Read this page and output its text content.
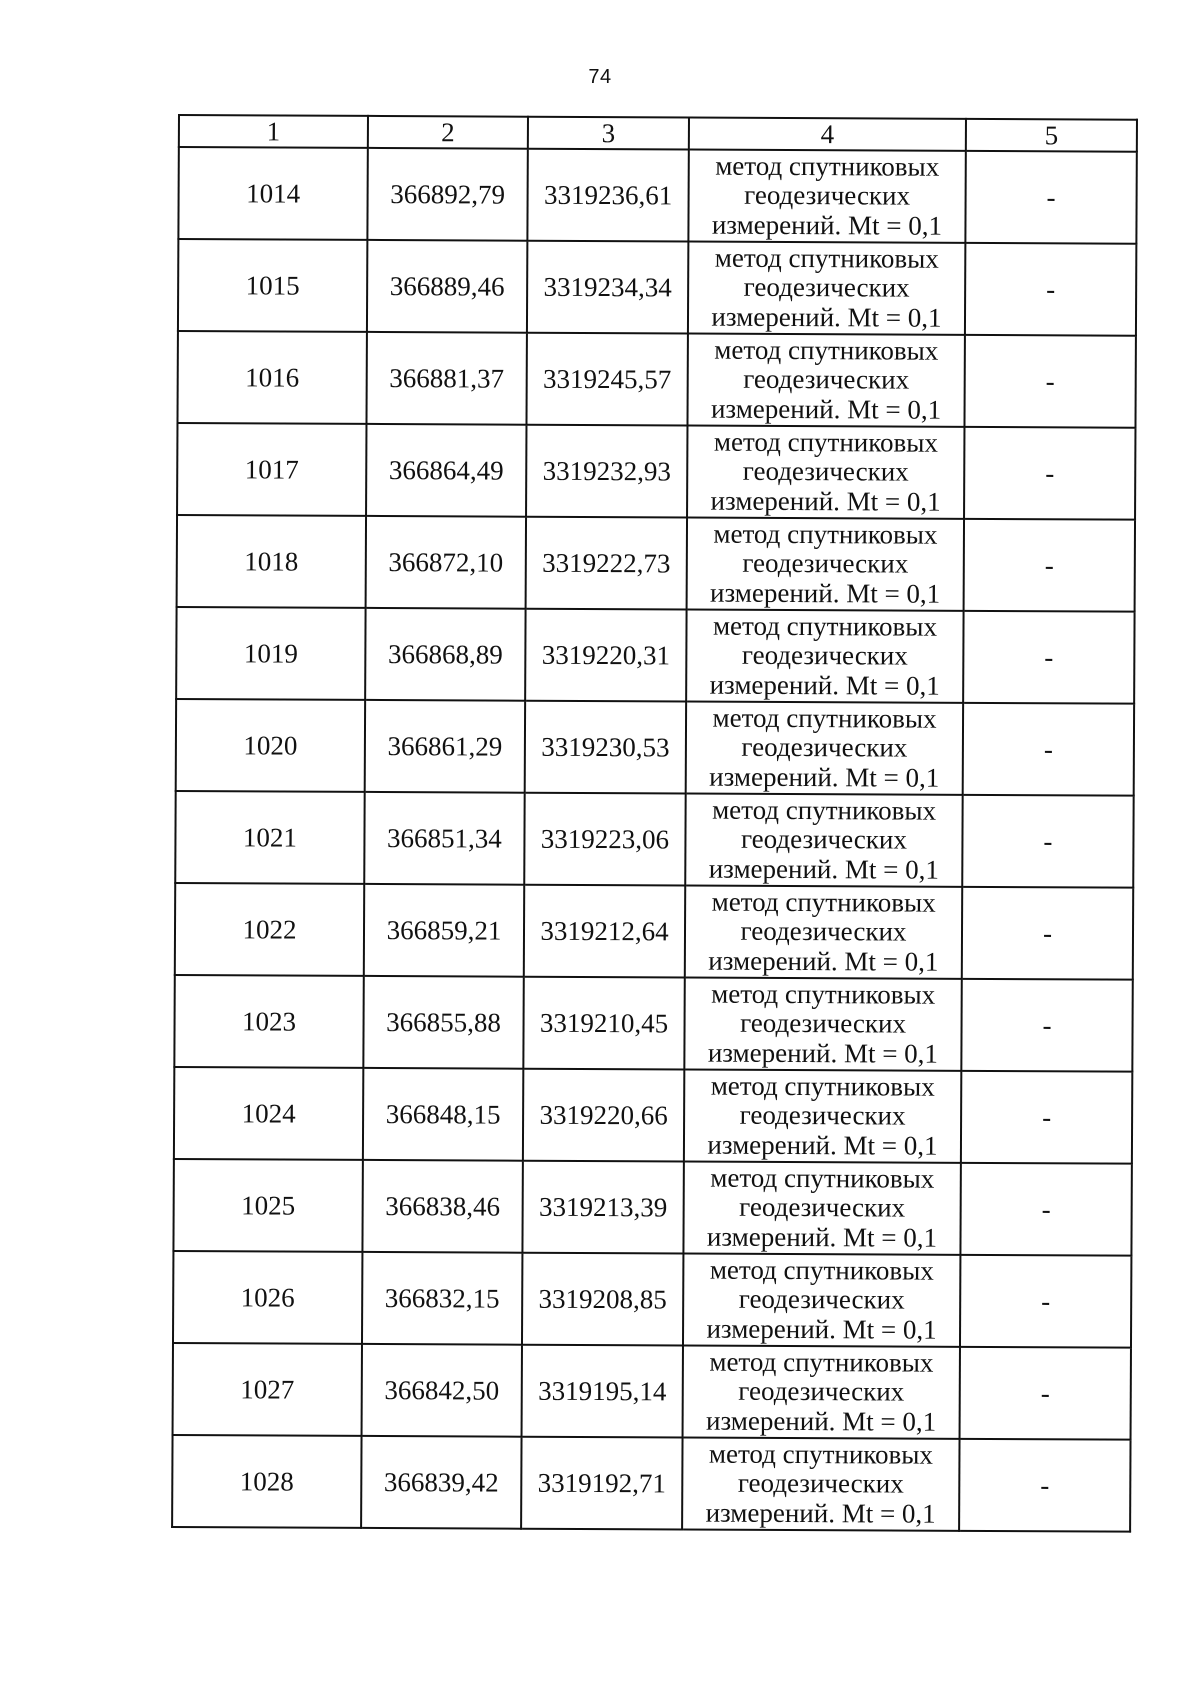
74
1	2	3	4	5
1014	366892,79	3319236,61	метод спутниковых
геодезических
измерений. Mt = 0,1	-
1015	366889,46	3319234,34	метод спутниковых
геодезических
измерений. Mt = 0,1	-
1016	366881,37	3319245,57	метод спутниковых
геодезических
измерений. Mt = 0,1	-
1017	366864,49	3319232,93	метод спутниковых
геодезических
измерений. Mt = 0,1	-
1018	366872,10	3319222,73	метод спутниковых
геодезических
измерений. Mt = 0,1	-
1019	366868,89	3319220,31	метод спутниковых
геодезических
измерений. Mt = 0,1	-
1020	366861,29	3319230,53	метод спутниковых
геодезических
измерений. Mt = 0,1	-
1021	366851,34	3319223,06	метод спутниковых
геодезических
измерений. Mt = 0,1	-
1022	366859,21	3319212,64	метод спутниковых
геодезических
измерений. Mt = 0,1	-
1023	366855,88	3319210,45	метод спутниковых
геодезических
измерений. Mt = 0,1	-
1024	366848,15	3319220,66	метод спутниковых
геодезических
измерений. Mt = 0,1	-
1025	366838,46	3319213,39	метод спутниковых
геодезических
измерений. Mt = 0,1	-
1026	366832,15	3319208,85	метод спутниковых
геодезических
измерений. Mt = 0,1	-
1027	366842,50	3319195,14	метод спутниковых
геодезических
измерений. Mt = 0,1	-
1028	366839,42	3319192,71	метод спутниковых
геодезических
измерений. Mt = 0,1	-
